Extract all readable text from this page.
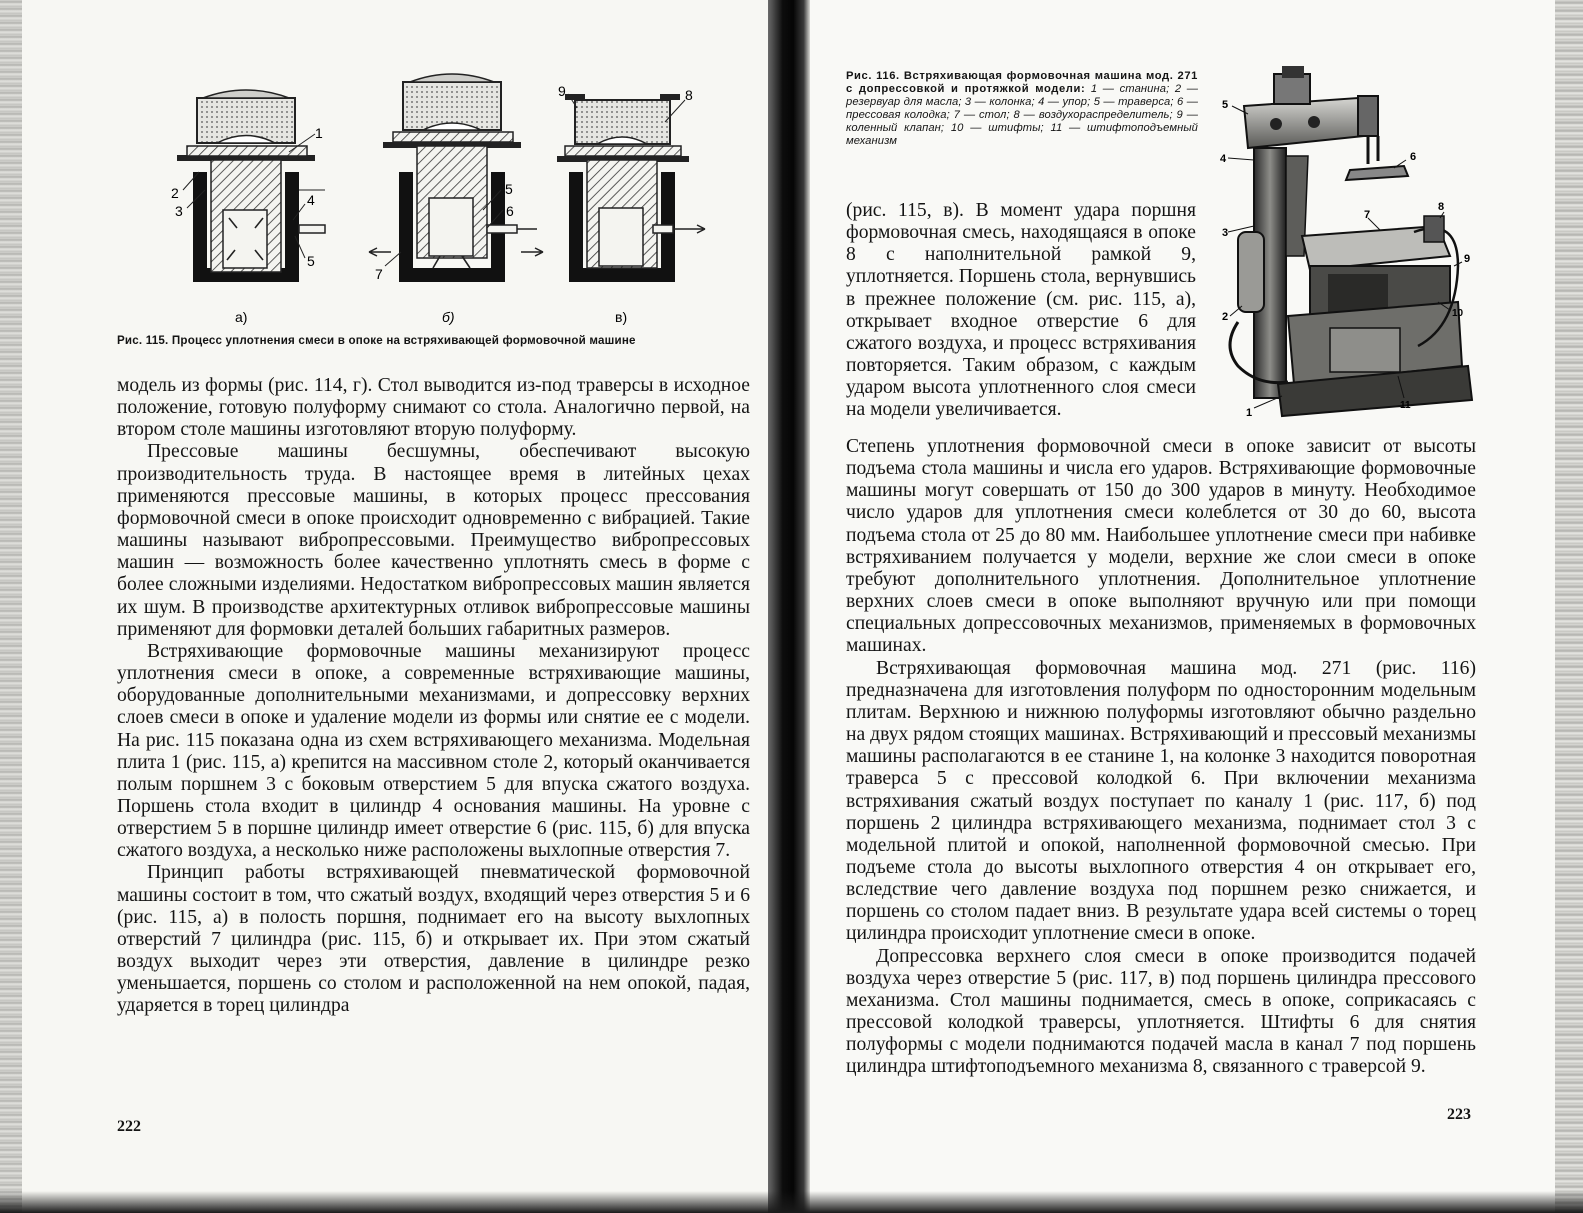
1
2
3
4
5
5
6
7
8
9
а)	б)	в)
Рис. 115. Процесс уплотнения смеси в опоке на встряхивающей формовочной машине

модель из формы (рис. 114, г). Стол выводится из-под траверсы в исходное положение, готовую полуформу снимают со стола. Аналогично первой, на втором столе машины изготовляют вторую полуформу.

Прессовые машины бесшумны, обеспечивают высокую производительность труда. В настоящее время в литейных цехах применяются прессовые машины, в которых процесс прессования формовочной смеси в опоке происходит одновременно с вибрацией. Такие машины называют вибропрессовыми. Преимущество вибропрессовых машин — возможность более качественно уплотнять смесь в форме с более сложными изделиями. Недостатком вибропрессовых машин является их шум. В производстве архитектурных отливок вибропрессовые машины применяют для формовки деталей больших габаритных размеров.

Встряхивающие формовочные машины механизируют процесс уплотнения смеси в опоке, а современные встряхивающие машины, оборудованные дополнительными механизмами, и допрессовку верхних слоев смеси в опоке и удаление модели из формы или снятие ее с модели. На рис. 115 показана одна из схем встряхивающего механизма. Модельная плита 1 (рис. 115, а) крепится на массивном столе 2, который оканчивается полым поршнем 3 с боковым отверстием 5 для впуска сжатого воздуха. Поршень стола входит в цилиндр 4 основания машины. На уровне с отверстием 5 в поршне цилиндр имеет отверстие 6 (рис. 115, б) для впуска сжатого воздуха, а несколько ниже расположены выхлопные отверстия 7.

Принцип работы встряхивающей пневматической формовочной машины состоит в том, что сжатый воздух, входящий через отверстия 5 и 6 (рис. 115, а) в полость поршня, поднимает его на высоту выхлопных отверстий 7 цилиндра (рис. 115, б) и открывает их. При этом сжатый воздух выходит через эти отверстия, давление в цилиндре резко уменьшается, поршень со столом и расположенной на нем опокой, падая, ударяется в торец цилиндра

222
Рис. 116. Встряхивающая формовочная машина мод. 271 с допрессовкой и протяжкой модели: 1 — станина; 2 — резервуар для масла; 3 — колонка; 4 — упор; 5 — траверса; 6 — прессовая колодка; 7 — стол; 8 — воздухораспределитель; 9 — коленный клапан; 10 — штифты; 11 — штифтоподъемный механизм
1
2
3
4
5
6
7
8
9
10
11

(рис. 115, в). В момент удара поршня формовочная смесь, находящаяся в опоке 8 с наполнительной рамкой 9, уплотняется. Поршень стола, вернувшись в прежнее положение (см. рис. 115, а), открывает входное отверстие 6 для сжатого воздуха, и процесс встряхивания повторяется. Таким образом, с каждым ударом высота уплотненного слоя смеси на модели увеличивается.

Степень уплотнения формовочной смеси в опоке зависит от высоты подъема стола машины и числа его ударов. Встряхивающие формовочные машины могут совершать от 150 до 300 ударов в минуту. Необходимое число ударов для уплотнения смеси колеблется от 30 до 60, высота подъема стола от 25 до 80 мм. Наибольшее уплотнение смеси при набивке встряхиванием получается у модели, верхние же слои смеси в опоке требуют дополнительного уплотнения. Дополнительное уплотнение верхних слоев смеси в опоке выполняют вручную или при помощи специальных допрессовочных механизмов, применяемых в формовочных машинах.

Встряхивающая формовочная машина мод. 271 (рис. 116) предназначена для изготовления полуформ по односторонним модельным плитам. Верхнюю и нижнюю полуформы изготовляют обычно раздельно на двух рядом стоящих машинах. Встряхивающий и прессовый механизмы машины располагаются в ее станине 1, на колонке 3 находится поворотная траверса 5 с прессовой колодкой 6. При включении механизма встряхивания сжатый воздух поступает по каналу 1 (рис. 117, б) под поршень 2 цилиндра встряхивающего механизма, поднимает стол 3 с модельной плитой и опокой, наполненной формовочной смесью. При подъеме стола до высоты выхлопного отверстия 4 он открывает его, вследствие чего давление воздуха под поршнем резко снижается, и поршень со столом падает вниз. В результате удара всей системы о торец цилиндра происходит уплотнение смеси в опоке.

Допрессовка верхнего слоя смеси в опоке производится подачей воздуха через отверстие 5 (рис. 117, в) под поршень цилиндра прессового механизма. Стол машины поднимается, смесь в опоке, соприкасаясь с прессовой колодкой траверсы, уплотняется. Штифты 6 для снятия полуформы с модели поднимаются подачей масла в канал 7 под поршень цилиндра штифтоподъемного механизма 8, связанного с траверсой 9.

223
